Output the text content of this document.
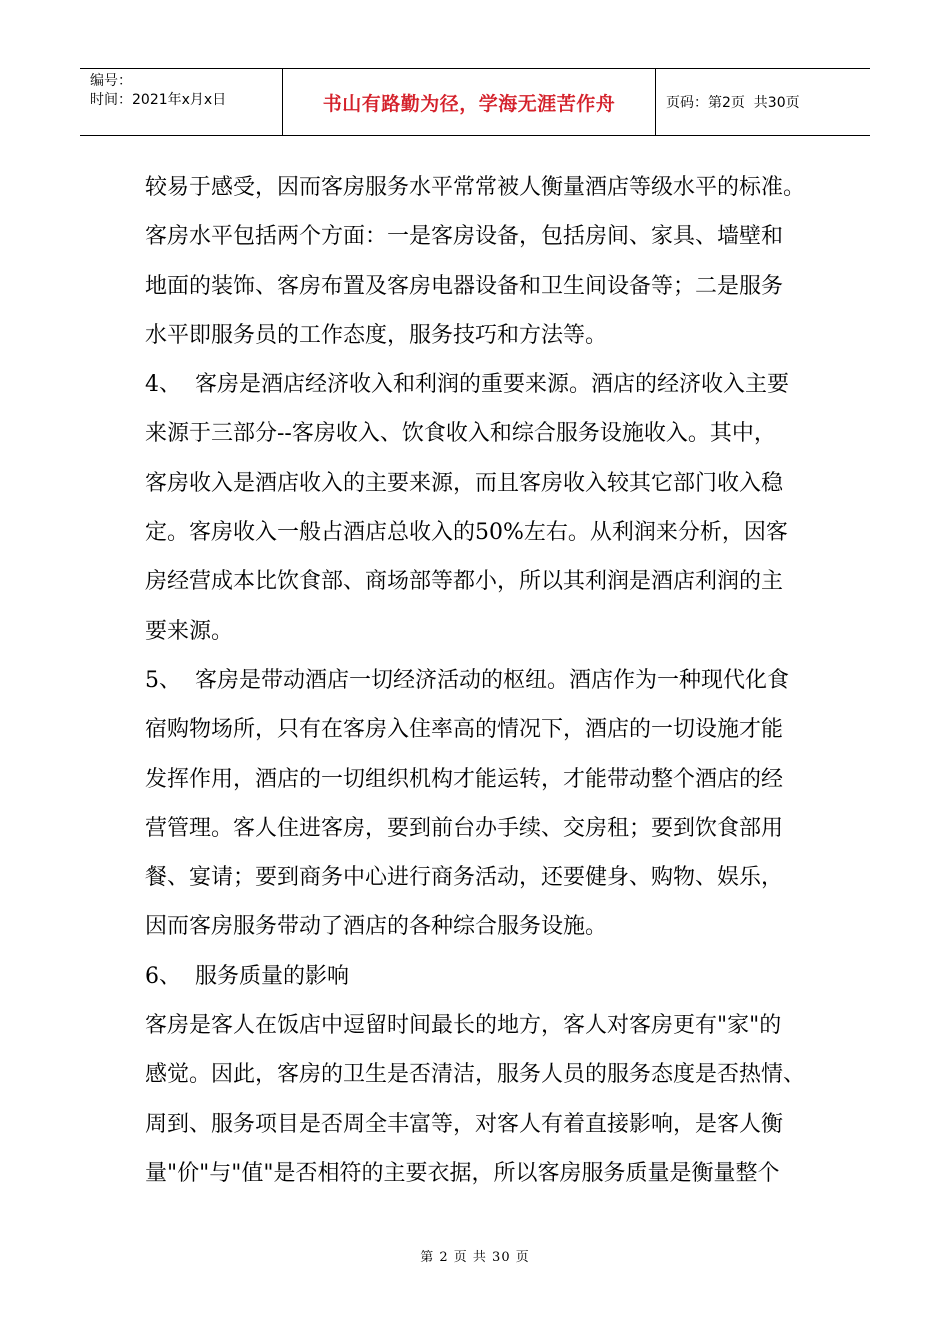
编号：
时间：2021年x月x日	书山有路勤为径，学海无涯苦作舟	页码：第2页  共30页
较易于感受，因而客房服务水平常常被人衡量酒店等级水平的标准。
客房水平包括两个方面：一是客房设备，包括房间、家具、墙壁和
地面的装饰、客房布置及客房电器设备和卫生间设备等；二是服务
水平即服务员的工作态度，服务技巧和方法等。
4、  客房是酒店经济收入和利润的重要来源。酒店的经济收入主要
来源于三部分--客房收入、饮食收入和综合服务设施收入。其中，
客房收入是酒店收入的主要来源，而且客房收入较其它部门收入稳
定。客房收入一般占酒店总收入的50%左右。从利润来分析，因客
房经营成本比饮食部、商场部等都小，所以其利润是酒店利润的主
要来源。
5、  客房是带动酒店一切经济活动的枢纽。酒店作为一种现代化食
宿购物场所，只有在客房入住率高的情况下，酒店的一切设施才能
发挥作用，酒店的一切组织机构才能运转，才能带动整个酒店的经
营管理。客人住进客房，要到前台办手续、交房租；要到饮食部用
餐、宴请；要到商务中心进行商务活动，还要健身、购物、娱乐，
因而客房服务带动了酒店的各种综合服务设施。
6、  服务质量的影响
客房是客人在饭店中逗留时间最长的地方，客人对客房更有"家"的
感觉。因此，客房的卫生是否清洁，服务人员的服务态度是否热情、
周到、服务项目是否周全丰富等，对客人有着直接影响，是客人衡
量"价"与"值"是否相符的主要衣据，所以客房服务质量是衡量整个
第 2 页 共 30 页
